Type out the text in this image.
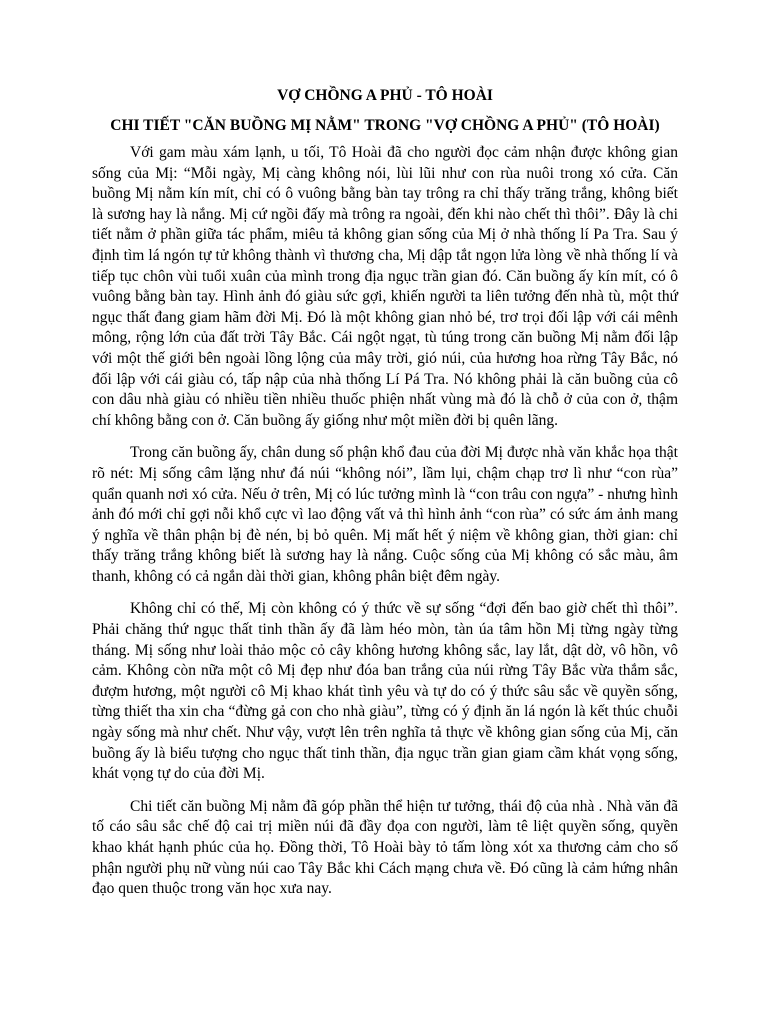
VỢ CHỒNG A PHỦ - TÔ HOÀI
CHI TIẾT "CĂN BUỒNG MỊ NẰM" TRONG "VỢ CHỒNG A PHỦ" (TÔ HOÀI)

Với gam màu xám lạnh, u tối, Tô Hoài đã cho người đọc cảm nhận được không gian sống của Mị: “Mỗi ngày, Mị càng không nói, lùi lũi như con rùa nuôi trong xó cửa. Căn buồng Mị nằm kín mít, chỉ có ô vuông bằng bàn tay trông ra chỉ thấy trăng trắng, không biết là sương hay là nắng. Mị cứ ngồi đấy mà trông ra ngoài, đến khi nào chết thì thôi”. Đây là chi tiết nằm ở phần giữa tác phẩm, miêu tả không gian sống của Mị ở nhà thống lí Pa Tra. Sau ý định tìm lá ngón tự tử không thành vì thương cha, Mị dập tắt ngọn lửa lòng về nhà thống lí và tiếp tục chôn vùi tuổi xuân của mình trong địa ngục trần gian đó. Căn buồng ấy kín mít, có ô vuông bằng bàn tay. Hình ảnh đó giàu sức gợi, khiến người ta liên tưởng đến nhà tù, một thứ ngục thất đang giam hãm đời Mị. Đó là một không gian nhỏ bé, trơ trọi đối lập với cái mênh mông, rộng lớn của đất trời Tây Bắc. Cái ngột ngạt, tù túng trong căn buồng Mị nằm đối lập với một thế giới bên ngoài lồng lộng của mây trời, gió núi, của hương hoa rừng Tây Bắc, nó đối lập với cái giàu có, tấp nập của nhà thống Lí Pá Tra. Nó không phải là căn buồng của cô con dâu nhà giàu có nhiều tiền nhiều thuốc phiện nhất vùng mà đó là chỗ ở của con ở, thậm chí không bằng con ở. Căn buồng ấy giống như một miền đời bị quên lãng.

Trong căn buồng ấy, chân dung số phận khổ đau của đời Mị được nhà văn khắc họa thật rõ nét: Mị sống câm lặng như đá núi “không nói”, lầm lụi, chậm chạp trơ lì như “con rùa” quẩn quanh nơi xó cửa. Nếu ở trên, Mị có lúc tưởng mình là “con trâu con ngựa” - nhưng hình ảnh đó mới chỉ gợi nỗi khổ cực vì lao động vất vả thì hình ảnh “con rùa” có sức ám ảnh mang ý nghĩa về thân phận bị đè nén, bị bỏ quên. Mị mất hết ý niệm về không gian, thời gian: chỉ thấy trăng trắng không biết là sương hay là nắng. Cuộc sống của Mị không có sắc màu, âm thanh, không có cả ngắn dài thời gian, không phân biệt đêm ngày.

Không chỉ có thế, Mị còn không có ý thức về sự sống “đợi đến bao giờ chết thì thôi”. Phải chăng thứ ngục thất tinh thần ấy đã làm héo mòn, tàn úa tâm hồn Mị từng ngày từng tháng. Mị sống như loài thảo mộc cỏ cây không hương không sắc, lay lắt, dật dờ, vô hồn, vô cảm. Không còn nữa một cô Mị đẹp như đóa ban trắng của núi rừng Tây Bắc vừa thắm sắc, đượm hương, một người cô Mị khao khát tình yêu và tự do có ý thức sâu sắc về quyền sống, từng thiết tha xin cha “đừng gả con cho nhà giàu”, từng có ý định ăn lá ngón là kết thúc chuỗi ngày sống mà như chết. Như vậy, vượt lên trên nghĩa tả thực về không gian sống của Mị, căn buồng ấy là biểu tượng cho ngục thất tinh thần, địa ngục trần gian giam cầm khát vọng sống, khát vọng tự do của đời Mị.

Chi tiết căn buồng Mị nằm đã góp phần thể hiện tư tưởng, thái độ của nhà . Nhà văn đã tố cáo sâu sắc chế độ cai trị miền núi đã đầy đọa con người, làm tê liệt quyền sống, quyền khao khát hạnh phúc của họ. Đồng thời, Tô Hoài bày tỏ tấm lòng xót xa thương cảm cho số phận người phụ nữ vùng núi cao Tây Bắc khi Cách mạng chưa về. Đó cũng là cảm hứng nhân đạo quen thuộc trong văn học xưa nay.
